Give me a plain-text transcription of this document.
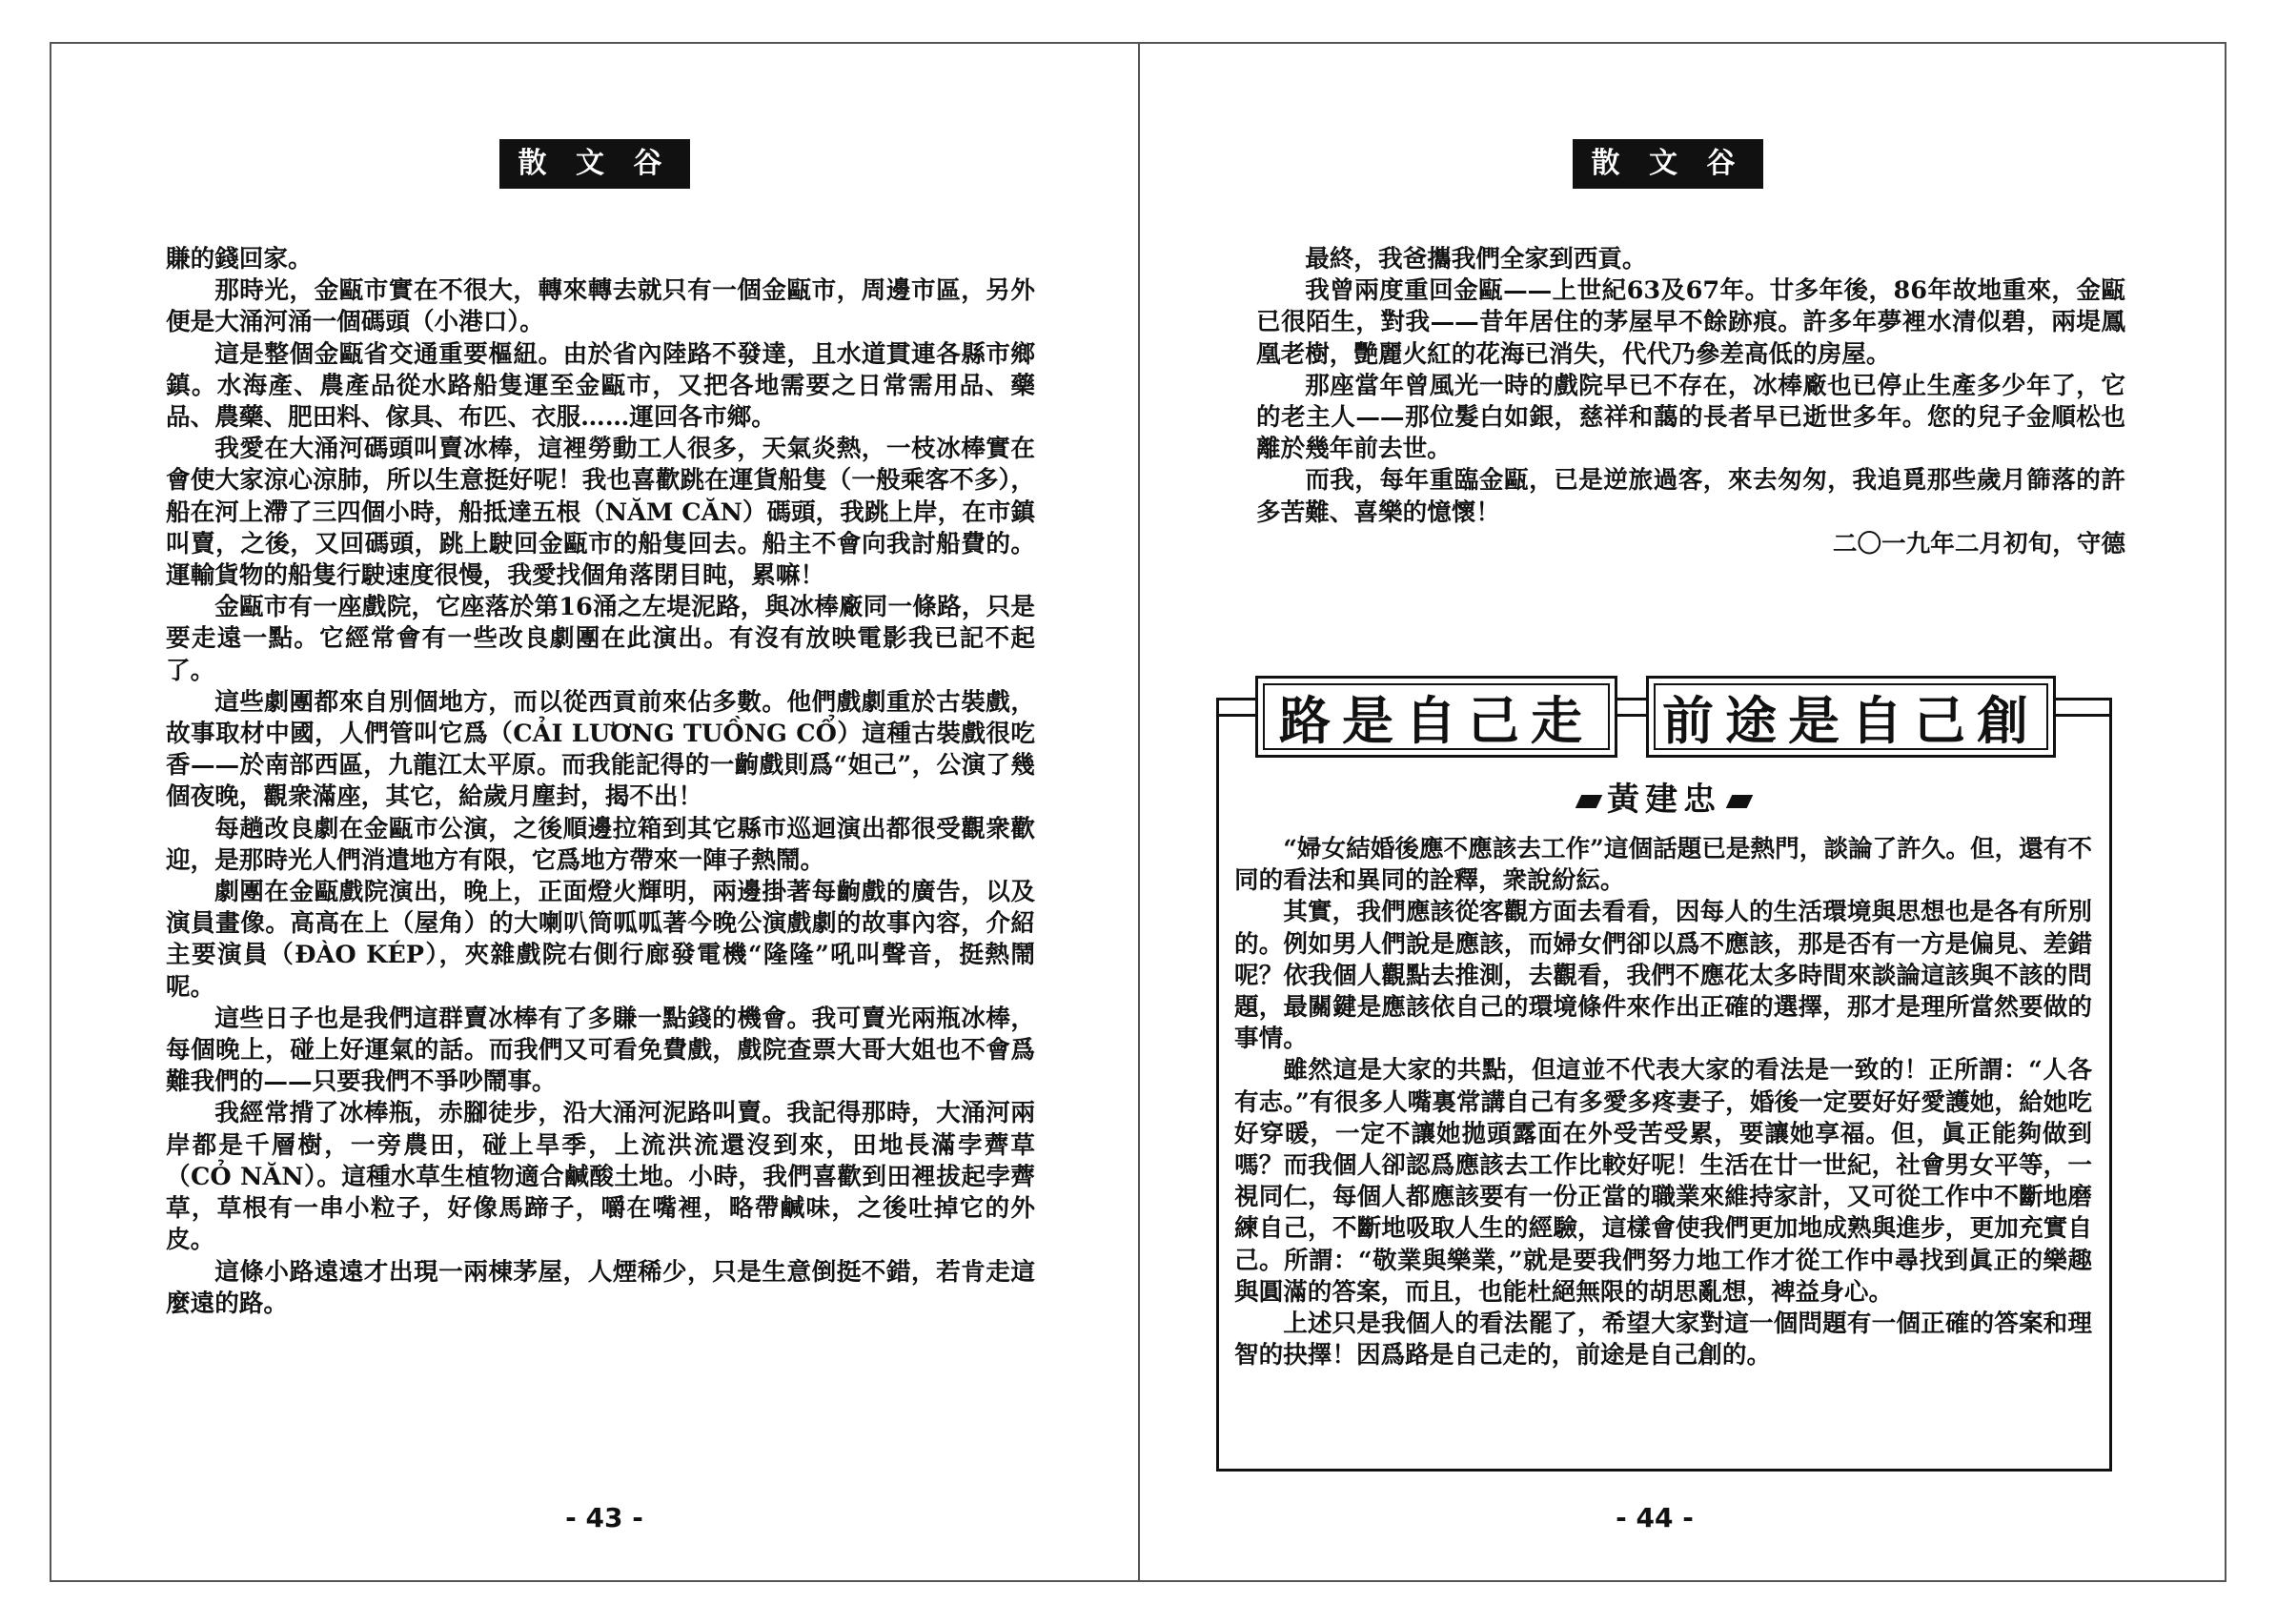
散 文 谷

賺的錢回家。

那時光，金甌市實在不很大，轉來轉去就只有一個金甌市，周邊市區，另外便是大涌河涌一個碼頭（小港口）。

這是整個金甌省交通重要樞紐。由於省內陸路不發達，且水道貫連各縣市鄉鎮。水海產、農產品從水路船隻運至金甌市，又把各地需要之日常需用品、藥品、農藥、肥田料、傢具、布匹、衣服……運回各市鄉。

我愛在大涌河碼頭叫賣冰棒，這裡勞動工人很多，天氣炎熱，一枝冰棒實在會使大家涼心涼肺，所以生意挺好呢！我也喜歡跳在運貨船隻（一般乘客不多），船在河上滯了三四個小時，船抵達五根（NĂM CĂN）碼頭，我跳上岸，在市鎮叫賣，之後，又回碼頭，跳上駛回金甌市的船隻回去。船主不會向我討船費的。運輸貨物的船隻行駛速度很慢，我愛找個角落閉目盹，累嘛！

金甌市有一座戲院，它座落於第16涌之左堤泥路，與冰棒廠同一條路，只是要走遠一點。它經常會有一些改良劇團在此演出。有沒有放映電影我已記不起了。

這些劇團都來自別個地方，而以從西貢前來佔多數。他們戲劇重於古裝戲，故事取材中國，人們管叫它爲（CẢI LƯƠNG TUỒNG CỔ）這種古裝戲很吃香——於南部西區，九龍江太平原。而我能記得的一齣戲則爲“妲己”，公演了幾個夜晚，觀衆滿座，其它，給歲月塵封，揭不出！

每趟改良劇在金甌市公演，之後順邊拉箱到其它縣市巡迴演出都很受觀衆歡迎，是那時光人們消遣地方有限，它爲地方帶來一陣子熱鬧。

劇團在金甌戲院演出，晚上，正面燈火輝明，兩邊掛著每齣戲的廣告，以及演員畫像。高高在上（屋角）的大喇叭筒呱呱著今晚公演戲劇的故事內容，介紹主要演員（ĐÀO KÉP），夾雜戲院右側行廊發電機“隆隆”吼叫聲音，挺熱鬧呢。

這些日子也是我們這群賣冰棒有了多賺一點錢的機會。我可賣光兩瓶冰棒，每個晚上，碰上好運氣的話。而我們又可看免費戲，戲院查票大哥大姐也不會爲難我們的——只要我們不爭吵鬧事。

我經常揹了冰棒瓶，赤腳徒步，沿大涌河泥路叫賣。我記得那時，大涌河兩岸都是千層樹，一旁農田，碰上旱季，上流洪流還沒到來，田地長滿孛薺草（CỎ NĂN）。這種水草生植物適合鹹酸土地。小時，我們喜歡到田裡拔起孛薺草，草根有一串小粒子，好像馬蹄子，嚼在嘴裡，略帶鹹味，之後吐掉它的外皮。

這條小路遠遠才出現一兩棟茅屋，人煙稀少，只是生意倒挺不錯，若肯走這麼遠的路。

- 43 -
散 文 谷

最終，我爸攜我們全家到西貢。

我曾兩度重回金甌——上世紀63及67年。廿多年後，86年故地重來，金甌已很陌生，對我——昔年居住的茅屋早不餘跡痕。許多年夢裡水清似碧，兩堤鳳凰老樹，艷麗火紅的花海已消失，代代乃參差高低的房屋。

那座當年曾風光一時的戲院早已不存在，冰棒廠也已停止生產多少年了，它的老主人——那位髮白如銀，慈祥和藹的長者早已逝世多年。您的兒子金順松也離於幾年前去世。

而我，每年重臨金甌，已是逆旅過客，來去匆匆，我追覓那些歲月篩落的許多苦難、喜樂的憶懷！

二〇一九年二月初旬，守德

路是自己走 前途是自己創
黃建忠

“婦女結婚後應不應該去工作”這個話題已是熱門，談論了許久。但，還有不同的看法和異同的詮釋，衆說紛紜。

其實，我們應該從客觀方面去看看，因每人的生活環境與思想也是各有所別的。例如男人們說是應該，而婦女們卻以爲不應該，那是否有一方是偏見、差錯呢？依我個人觀點去推測，去觀看，我們不應花太多時間來談論這該與不該的問題，最關鍵是應該依自己的環境條件來作出正確的選擇，那才是理所當然要做的事情。

雖然這是大家的共點，但這並不代表大家的看法是一致的！正所謂：“人各有志。”有很多人嘴裏常講自己有多愛多疼妻子，婚後一定要好好愛護她，給她吃好穿暖，一定不讓她拋頭露面在外受苦受累，要讓她享福。但，眞正能夠做到嗎？而我個人卻認爲應該去工作比較好呢！生活在廿一世紀，社會男女平等，一視同仁，每個人都應該要有一份正當的職業來維持家計，又可從工作中不斷地磨練自己，不斷地吸取人生的經驗，這樣會使我們更加地成熟與進步，更加充實自己。所謂：“敬業與樂業，”就是要我們努力地工作才從工作中尋找到眞正的樂趣與圓滿的答案，而且，也能杜絕無限的胡思亂想，裨益身心。

上述只是我個人的看法罷了，希望大家對這一個問題有一個正確的答案和理智的抉擇！因爲路是自己走的，前途是自己創的。

- 44 -
